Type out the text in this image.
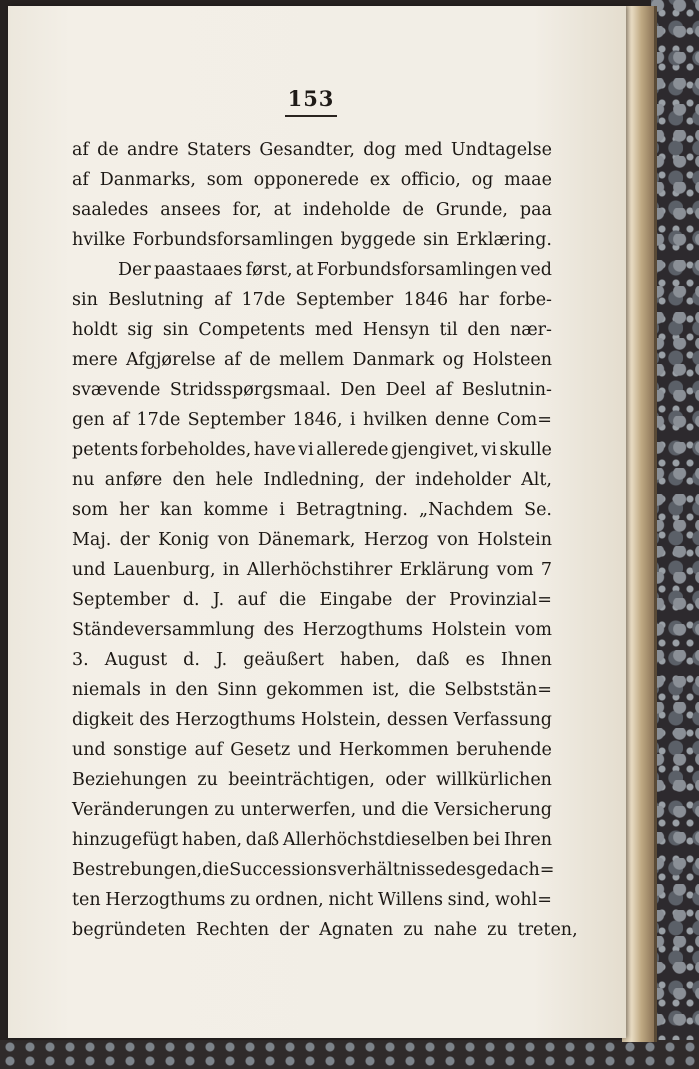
153
af de andre Staters Gesandter, dog med Undtagelse
af Danmarks, som opponerede ex officio, og maae
saaledes ansees for, at indeholde de Grunde, paa
hvilke Forbundsforsamlingen byggede sin Erklæring.
Der paastaaes først, at Forbundsforsamlingen ved
sin Beslutning af 17de September 1846 har forbe-
holdt sig sin Competents med Hensyn til den nær-
mere Afgjørelse af de mellem Danmark og Holsteen
svævende Stridsspørgsmaal. Den Deel af Beslutnin-
gen af 17de September 1846, i hvilken denne Com=
petents forbeholdes, have vi allerede gjengivet, vi skulle
nu anføre den hele Indledning, der indeholder Alt,
som her kan komme i Betragtning. „Nachdem Se.
Maj. der Konig von Dänemark, Herzog von Holstein
und Lauenburg, in Allerhöchstihrer Erklärung vom 7
September d. J. auf die Eingabe der Provinzial=
Ständeversammlung des Herzogthums Holstein vom
3. August d. J. geäußert haben, daß es Ihnen
niemals in den Sinn gekommen ist, die Selbststän=
digkeit des Herzogthums Holstein, dessen Verfassung
und sonstige auf Gesetz und Herkommen beruhende
Beziehungen zu beeinträchtigen, oder willkürlichen
Veränderungen zu unterwerfen, und die Versicherung
hinzugefügt haben, daß Allerhöchstdieselben bei Ihren
Bestrebungen, die Successionsverhältnisse des gedach=
ten Herzogthums zu ordnen, nicht Willens sind, wohl=
begründeten Rechten der Agnaten zu nahe zu treten,
